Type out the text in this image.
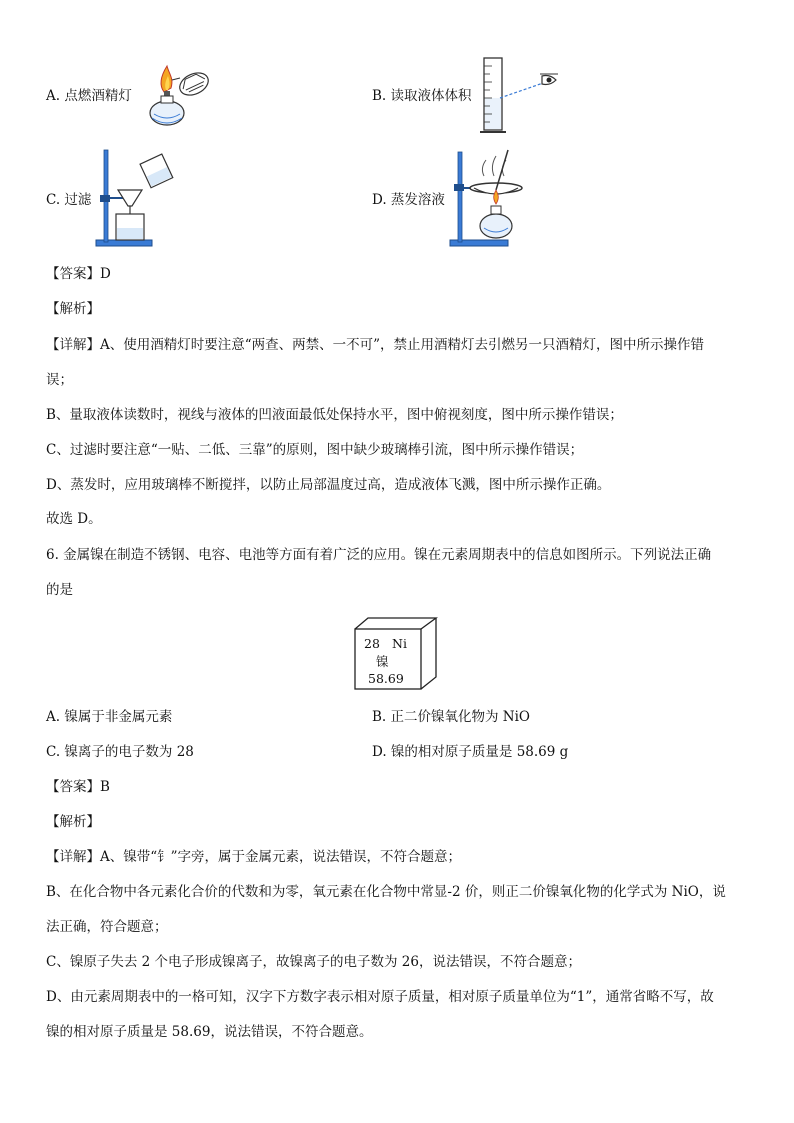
A. 点燃酒精灯	B. 读取液体体积
C. 过滤	D. 蒸发溶液
【答案】D
【解析】
【详解】A、使用酒精灯时要注意“两查、两禁、一不可”，禁止用酒精灯去引燃另一只酒精灯，图中所示操作错
误；
B、量取液体读数时，视线与液体的凹液面最低处保持水平，图中俯视刻度，图中所示操作错误；
C、过滤时要注意“一贴、二低、三靠”的原则，图中缺少玻璃棒引流，图中所示操作错误；
D、蒸发时，应用玻璃棒不断搅拌，以防止局部温度过高，造成液体飞溅，图中所示操作正确。
故选 D。
6. 金属镍在制造不锈钢、电容、电池等方面有着广泛的应用。镍在元素周期表中的信息如图所示。下列说法正确
的是
28 Ni
镍
58.69
A. 镍属于非金属元素	B. 正二价镍氧化物为 NiO
C. 镍离子的电子数为 28	D. 镍的相对原子质量是 58.69 g
【答案】B
【解析】
【详解】A、镍带“钅”字旁，属于金属元素，说法错误，不符合题意；
B、在化合物中各元素化合价的代数和为零，氧元素在化合物中常显-2 价，则正二价镍氧化物的化学式为 NiO，说
法正确，符合题意；
C、镍原子失去 2 个电子形成镍离子，故镍离子的电子数为 26，说法错误，不符合题意；
D、由元素周期表中的一格可知，汉字下方数字表示相对原子质量，相对原子质量单位为“1”，通常省略不写，故
镍的相对原子质量是 58.69，说法错误，不符合题意。
